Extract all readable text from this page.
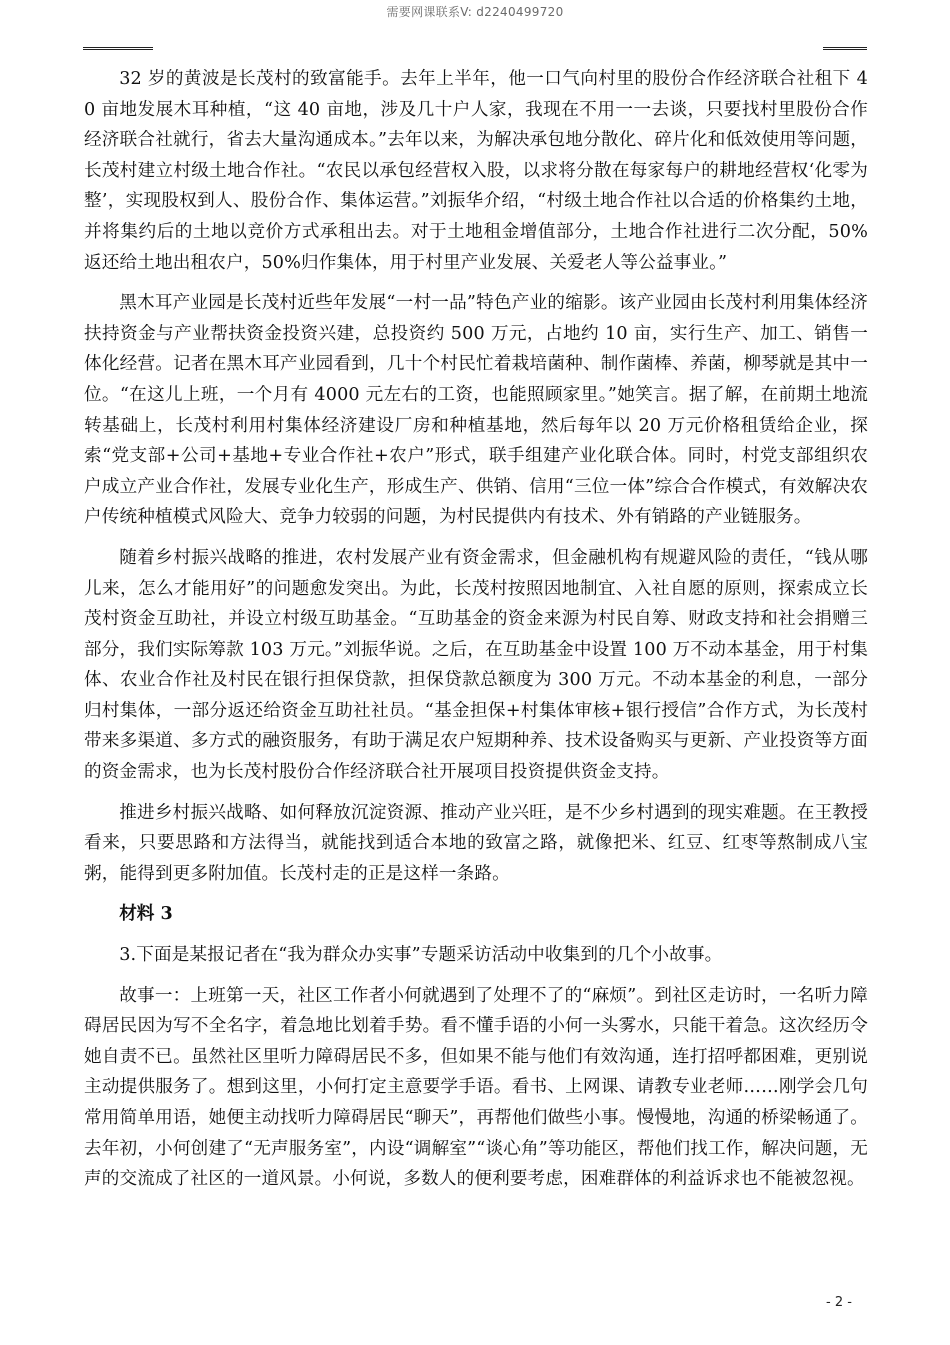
需要网课联系V: d2240499720

32 岁的黄波是长茂村的致富能手。去年上半年，他一口气向村里的股份合作经济联合社租下 40 亩地发展木耳种植，“这 40 亩地，涉及几十户人家，我现在不用一一去谈，只要找村里股份合作经济联合社就行，省去大量沟通成本。”去年以来，为解决承包地分散化、碎片化和低效使用等问题，长茂村建立村级土地合作社。“农民以承包经营权入股，以求将分散在每家每户的耕地经营权‘化零为整’，实现股权到人、股份合作、集体运营。”刘振华介绍，“村级土地合作社以合适的价格集约土地，并将集约后的土地以竞价方式承租出去。对于土地租金增值部分，土地合作社进行二次分配，50%返还给土地出租农户，50%归作集体，用于村里产业发展、关爱老人等公益事业。”

黑木耳产业园是长茂村近些年发展“一村一品”特色产业的缩影。该产业园由长茂村利用集体经济扶持资金与产业帮扶资金投资兴建，总投资约 500 万元，占地约 10 亩，实行生产、加工、销售一体化经营。记者在黑木耳产业园看到，几十个村民忙着栽培菌种、制作菌棒、养菌，柳琴就是其中一位。“在这儿上班，一个月有 4000 元左右的工资，也能照顾家里。”她笑言。据了解，在前期土地流转基础上，长茂村利用村集体经济建设厂房和种植基地，然后每年以 20 万元价格租赁给企业，探索“党支部+公司+基地+专业合作社+农户”形式，联手组建产业化联合体。同时，村党支部组织农户成立产业合作社，发展专业化生产，形成生产、供销、信用“三位一体”综合合作模式，有效解决农户传统种植模式风险大、竞争力较弱的问题，为村民提供内有技术、外有销路的产业链服务。

随着乡村振兴战略的推进，农村发展产业有资金需求，但金融机构有规避风险的责任，“钱从哪儿来，怎么才能用好”的问题愈发突出。为此，长茂村按照因地制宜、入社自愿的原则，探索成立长茂村资金互助社，并设立村级互助基金。“互助基金的资金来源为村民自筹、财政支持和社会捐赠三部分，我们实际筹款 103 万元。”刘振华说。之后，在互助基金中设置 100 万不动本基金，用于村集体、农业合作社及村民在银行担保贷款，担保贷款总额度为 300 万元。不动本基金的利息，一部分归村集体，一部分返还给资金互助社社员。“基金担保+村集体审核+银行授信”合作方式，为长茂村带来多渠道、多方式的融资服务，有助于满足农户短期种养、技术设备购买与更新、产业投资等方面的资金需求，也为长茂村股份合作经济联合社开展项目投资提供资金支持。

推进乡村振兴战略、如何释放沉淀资源、推动产业兴旺，是不少乡村遇到的现实难题。在王教授看来，只要思路和方法得当，就能找到适合本地的致富之路，就像把米、红豆、红枣等熬制成八宝粥，能得到更多附加值。长茂村走的正是这样一条路。

材料 3

3.下面是某报记者在“我为群众办实事”专题采访活动中收集到的几个小故事。

故事一：上班第一天，社区工作者小何就遇到了处理不了的“麻烦”。到社区走访时，一名听力障碍居民因为写不全名字，着急地比划着手势。看不懂手语的小何一头雾水，只能干着急。这次经历令她自责不已。虽然社区里听力障碍居民不多，但如果不能与他们有效沟通，连打招呼都困难，更别说主动提供服务了。想到这里，小何打定主意要学手语。看书、上网课、请教专业老师……刚学会几句常用简单用语，她便主动找听力障碍居民“聊天”，再帮他们做些小事。慢慢地，沟通的桥梁畅通了。去年初，小何创建了“无声服务室”，内设“调解室”“谈心角”等功能区，帮他们找工作，解决问题，无声的交流成了社区的一道风景。小何说，多数人的便利要考虑，困难群体的利益诉求也不能被忽视。

- 2 -
